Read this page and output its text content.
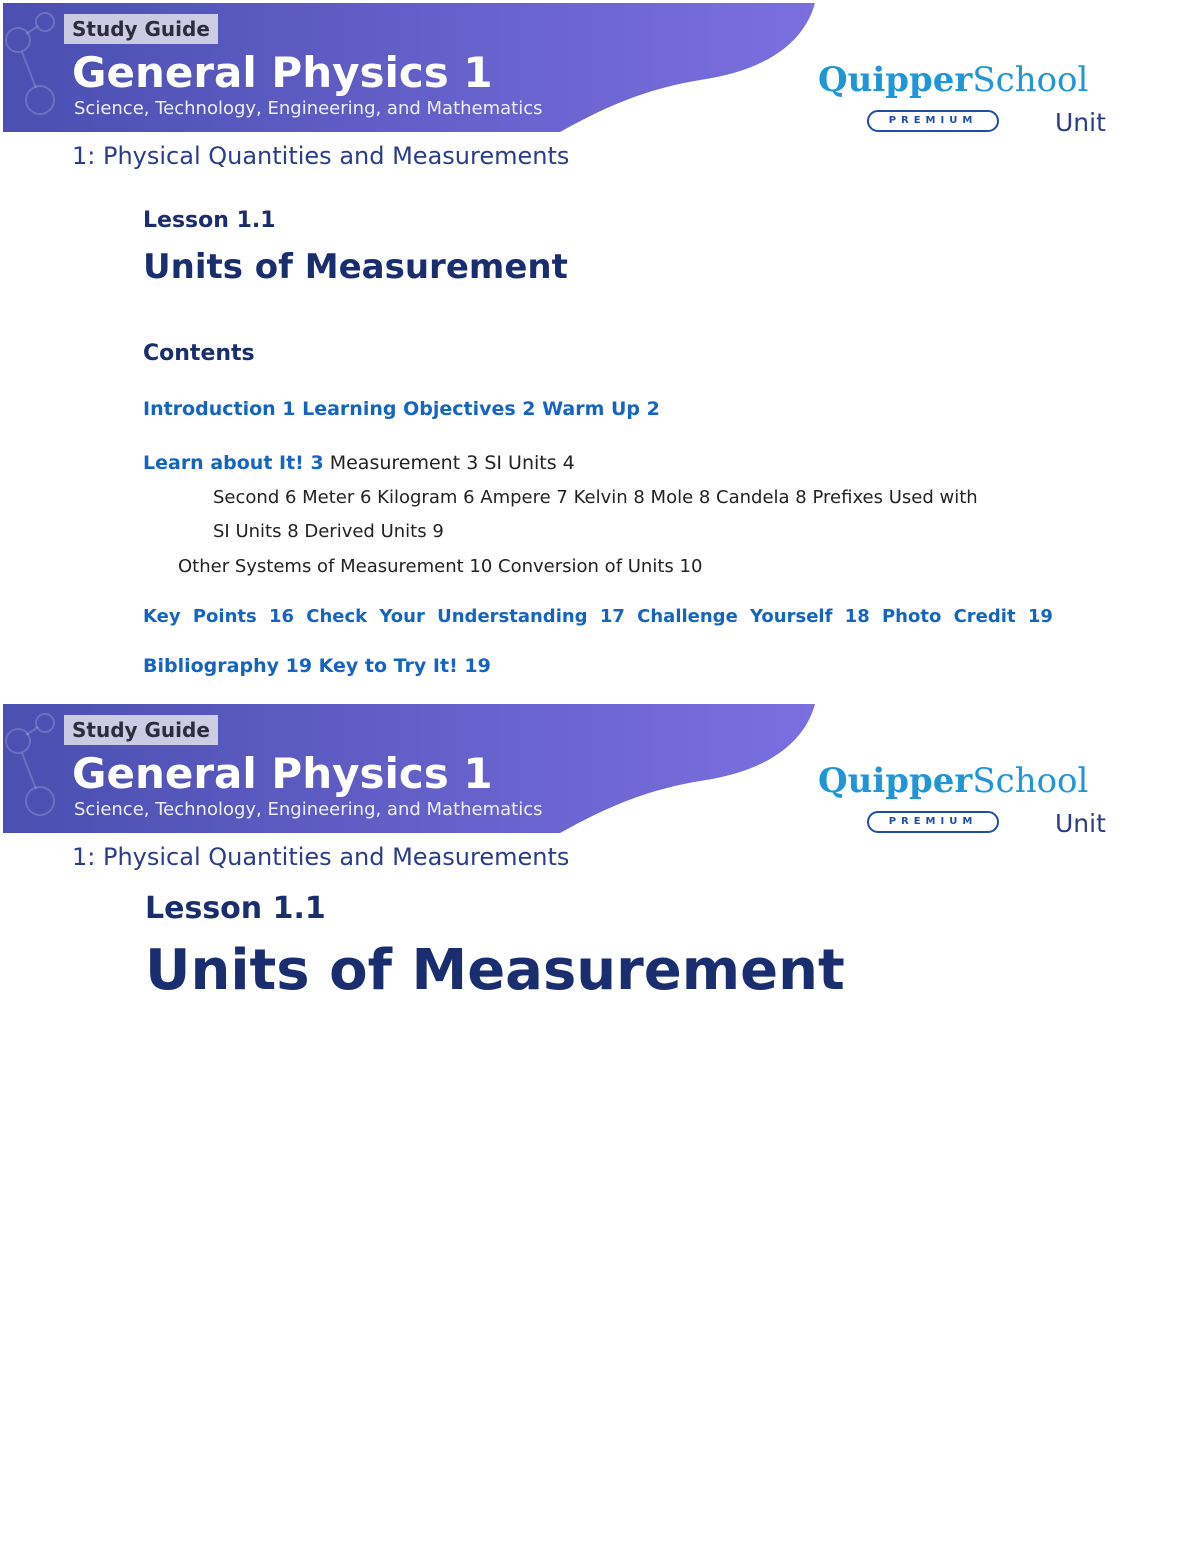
Study Guide
General Physics 1
Science, Technology, Engineering, and Mathematics
QuipperSchool
PREMIUM	Unit
1: Physical Quantities and Measurements
Lesson 1.1
Units of Measurement
Contents
Introduction 1 Learning Objectives 2 Warm Up 2
Learn about It! 3 Measurement 3 SI Units 4
Second 6 Meter 6 Kilogram 6 Ampere 7 Kelvin 8 Mole 8 Candela 8 Prefixes Used with
SI Units 8 Derived Units 9
Other Systems of Measurement 10 Conversion of Units 10
Key Points 16 Check Your Understanding 17 Challenge Yourself 18 Photo Credit 19
Bibliography 19 Key to Try It! 19
Study Guide
General Physics 1
Science, Technology, Engineering, and Mathematics
QuipperSchool
PREMIUM	Unit
1: Physical Quantities and Measurements
Lesson 1.1
Units of Measurement
